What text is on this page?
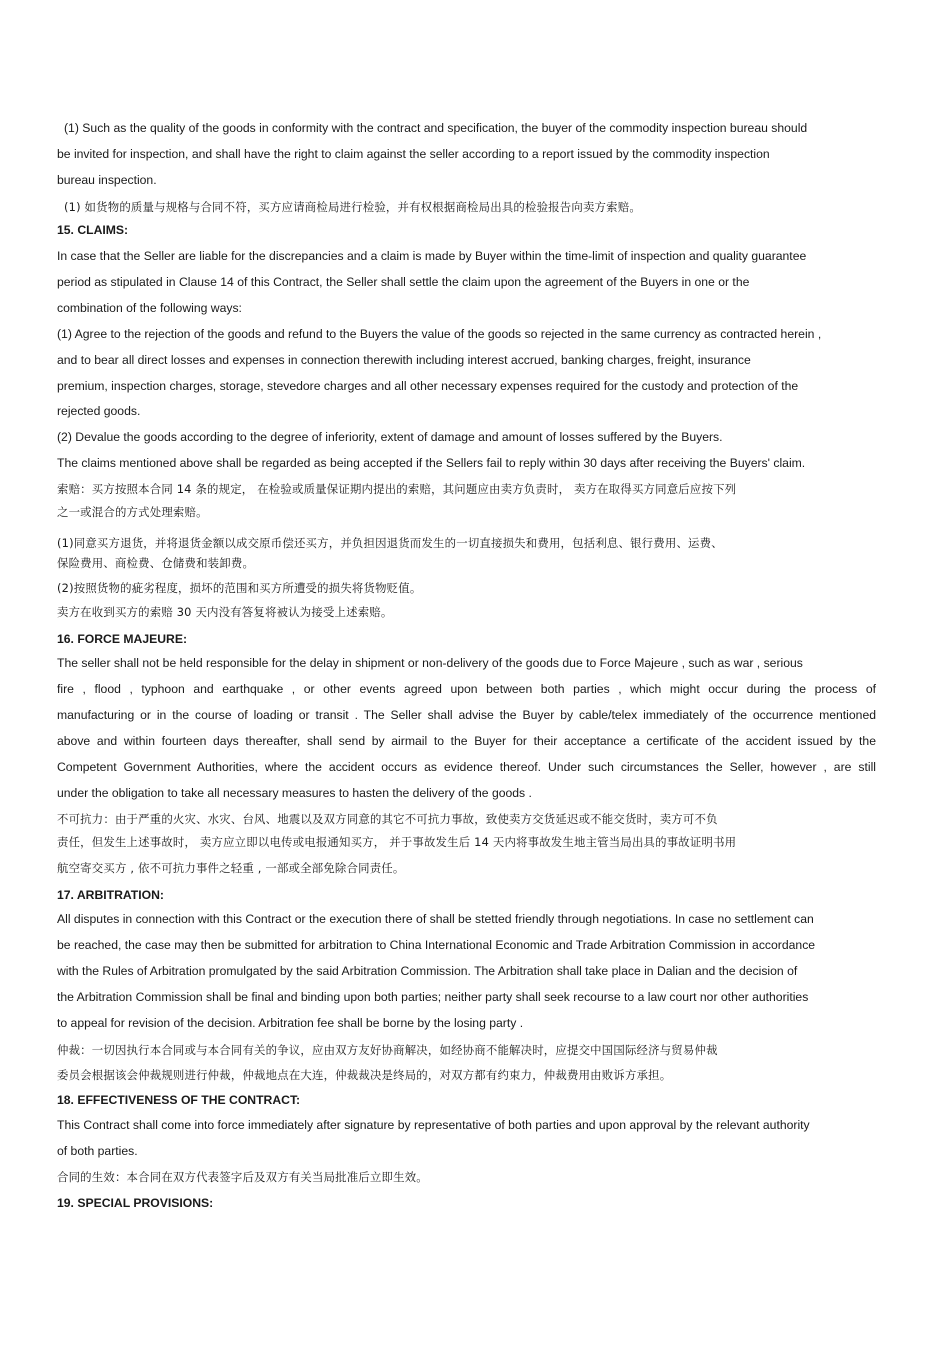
(1) Such as the quality of the goods in conformity with the contract and specification, the buyer of the commodity inspection bureau should

be invited for inspection, and shall have the right to claim against the seller according to a report issued by the commodity inspection

bureau inspection.

(1) 如货物的质量与规格与合同不符，买方应请商检局进行检验，并有权根据商检局出具的检验报告向卖方索赔。

15. CLAIMS:

In case that the Seller are liable for the discrepancies and a claim is made by Buyer within the time-limit of inspection and quality guarantee

period as stipulated in Clause 14 of this Contract, the Seller shall settle the claim upon the agreement of the Buyers in one or the

combination of the following ways:

(1) Agree to the rejection of the goods and refund to the Buyers the value of the goods so rejected in the same currency as contracted herein ,

and to bear all direct losses and expenses in connection therewith including interest accrued, banking charges, freight, insurance

premium, inspection charges, storage, stevedore charges and all other necessary expenses required for the custody and protection of the

rejected goods.

(2) Devalue the goods according to the degree of inferiority, extent of damage and amount of losses suffered by the Buyers.

The claims mentioned above shall be regarded as being accepted if the Sellers fail to reply within 30 days after receiving the Buyers' claim.

索赔：买方按照本合同 14 条的规定， 在检验或质量保证期内提出的索赔，其问题应由卖方负责时， 卖方在取得买方同意后应按下列

之一或混合的方式处理索赔。

(1)同意买方退货，并将退货金额以成交原币偿还买方，并负担因退货而发生的一切直接损失和费用，包括利息、银行费用、运费、

保险费用、商检费、仓储费和装卸费。

(2)按照货物的疵劣程度，损坏的范围和买方所遭受的损失将货物贬值。

卖方在收到买方的索赔 30 天内没有答复将被认为接受上述索赔。

16. FORCE MAJEURE:

The seller shall not be held responsible for the delay in shipment or non-delivery of the goods due to Force Majeure , such as war , serious

fire , flood , typhoon and earthquake , or other events agreed upon between both parties , which might occur during the process of

manufacturing or in the course of loading or transit . The Seller shall advise the Buyer by cable/telex immediately of the occurrence mentioned

above and within fourteen days thereafter, shall send by airmail to the Buyer for their acceptance a certificate of the accident issued by the

Competent Government Authorities, where the accident occurs as evidence thereof. Under such circumstances the Seller, however , are still

under the obligation to take all necessary measures to hasten the delivery of the goods .

不可抗力：由于严重的火灾、水灾、台风、地震以及双方同意的其它不可抗力事故，致使卖方交货延迟或不能交货时，卖方可不负

责任，但发生上述事故时， 卖方应立即以电传或电报通知买方， 并于事故发生后 14 天内将事故发生地主管当局出具的事故证明书用

航空寄交买方 , 依不可抗力事件之轻重 , 一部或全部免除合同责任。

17. ARBITRATION:

All disputes in connection with this Contract or the execution there of shall be stetted friendly through negotiations. In case no settlement can

be reached, the case may then be submitted for arbitration to China International Economic and Trade Arbitration Commission in accordance

with the Rules of Arbitration promulgated by the said Arbitration Commission. The Arbitration shall take place in Dalian and the decision of

the Arbitration Commission shall be final and binding upon both parties; neither party shall seek recourse to a law court nor other authorities

to appeal for revision of the decision. Arbitration fee shall be borne by the losing party .

仲裁：一切因执行本合同或与本合同有关的争议，应由双方友好协商解决，如经协商不能解决时，应提交中国国际经济与贸易仲裁

委员会根据该会仲裁规则进行仲裁，仲裁地点在大连，仲裁裁决是终局的，对双方都有约束力，仲裁费用由败诉方承担。

18. EFFECTIVENESS OF THE CONTRACT:

This Contract shall come into force immediately after signature by representative of both parties and upon approval by the relevant authority

of both parties.

合同的生效：本合同在双方代表签字后及双方有关当局批准后立即生效。

19. SPECIAL PROVISIONS:
